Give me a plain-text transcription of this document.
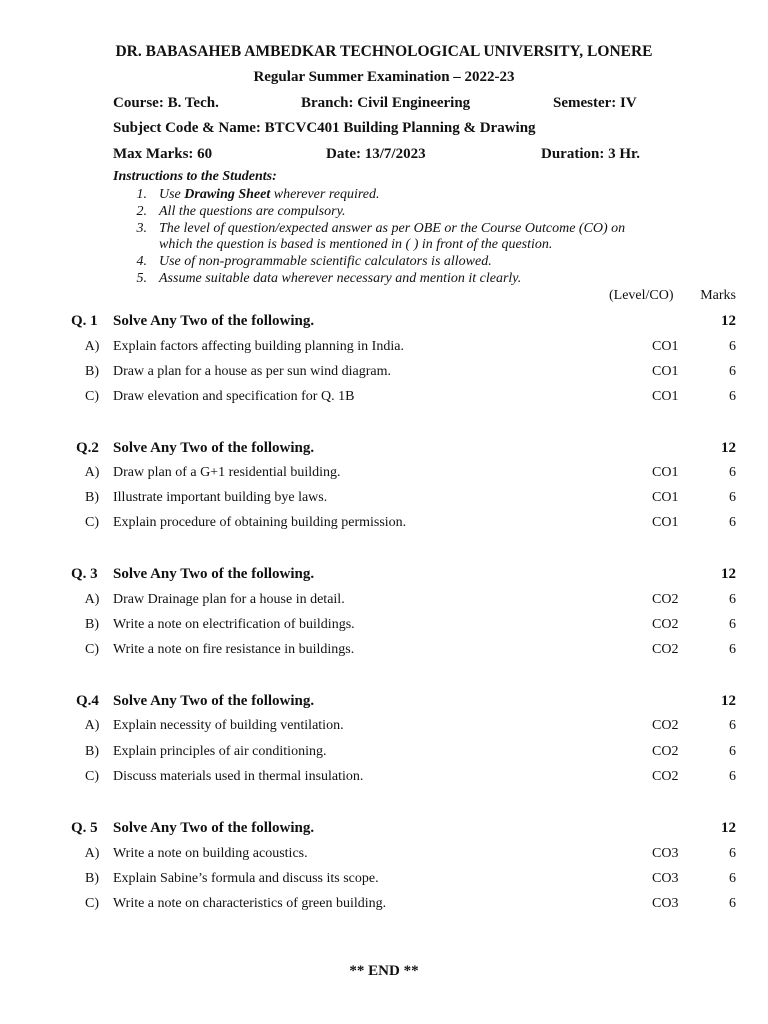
DR. BABASAHEB AMBEDKAR TECHNOLOGICAL UNIVERSITY, LONERE
Regular Summer Examination – 2022-23
Course: B. Tech.	Branch: Civil Engineering	Semester: IV
Subject Code & Name: BTCVC401 Building Planning & Drawing
Max Marks: 60	Date: 13/7/2023	Duration: 3 Hr.
Instructions to the Students:
1. Use Drawing Sheet wherever required.
2. All the questions are compulsory.
3. The level of question/expected answer as per OBE or the Course Outcome (CO) on
which the question is based is mentioned in ( ) in front of the question.
4. Use of non-programmable scientific calculators is allowed.
5. Assume suitable data wherever necessary and mention it clearly.
(Level/CO) Marks
Q. 1 Solve Any Two of the following.	12
A) Explain factors affecting building planning in India.	CO1	6
B) Draw a plan for a house as per sun wind diagram.	CO1	6
C) Draw elevation and specification for Q. 1B	CO1	6
Q.2 Solve Any Two of the following.	12
A) Draw plan of a G+1 residential building.	CO1	6
B) Illustrate important building bye laws.	CO1	6
C) Explain procedure of obtaining building permission.	CO1	6
Q. 3 Solve Any Two of the following.	12
A) Draw Drainage plan for a house in detail.	CO2	6
B) Write a note on electrification of buildings.	CO2	6
C) Write a note on fire resistance in buildings.	CO2	6
Q.4 Solve Any Two of the following.	12
A) Explain necessity of building ventilation.	CO2	6
B) Explain principles of air conditioning.	CO2	6
C) Discuss materials used in thermal insulation.	CO2	6
Q. 5 Solve Any Two of the following.	12
A) Write a note on building acoustics.	CO3	6
B) Explain Sabine’s formula and discuss its scope.	CO3	6
C) Write a note on characteristics of green building.	CO3	6
** END **
